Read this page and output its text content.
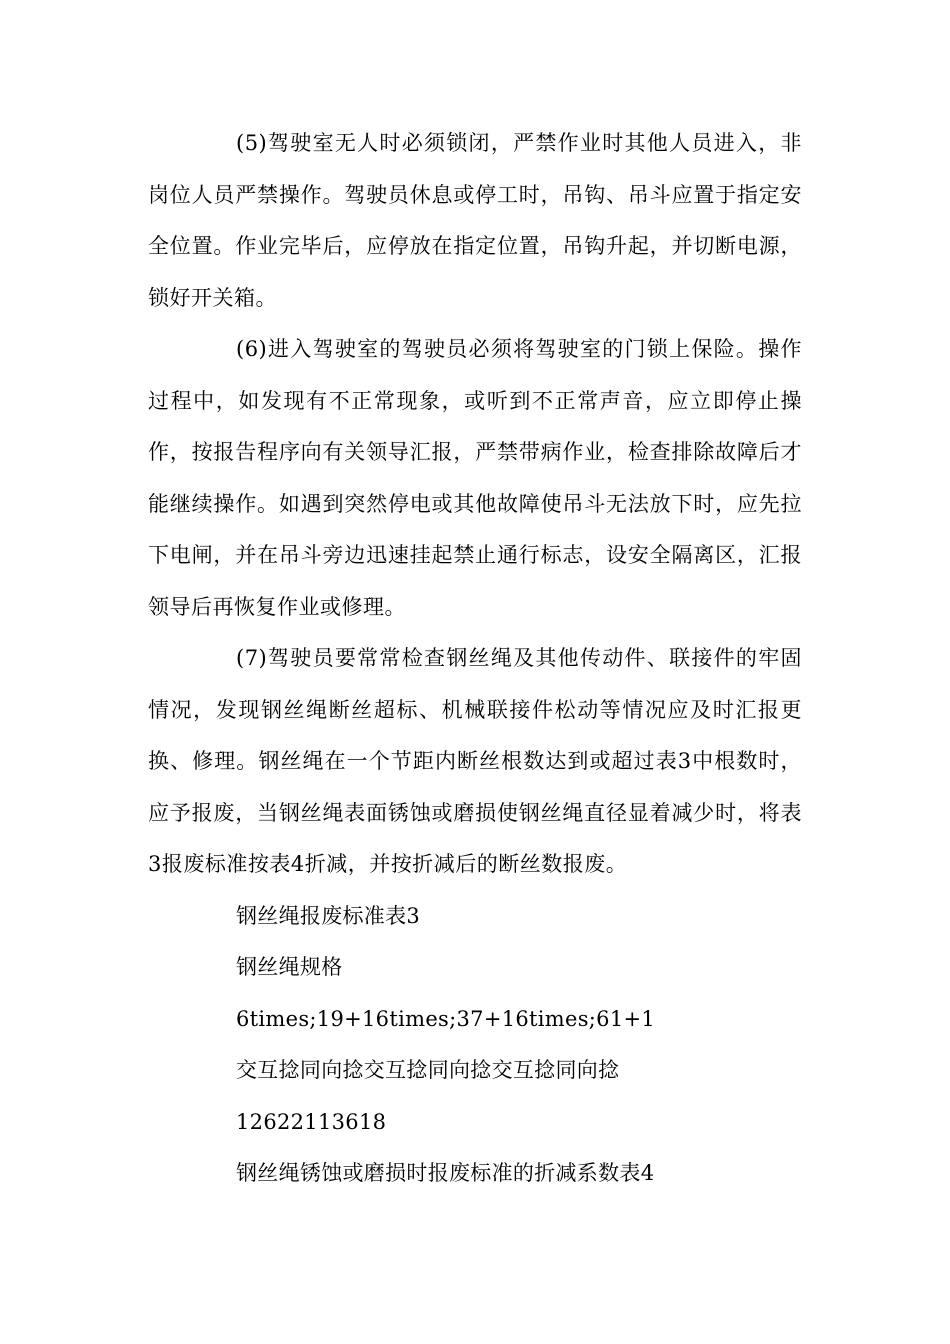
(5)驾驶室无人时必须锁闭，严禁作业时其他人员进入，非岗位人员严禁操作。驾驶员休息或停工时，吊钩、吊斗应置于指定安全位置。作业完毕后，应停放在指定位置，吊钩升起，并切断电源，锁好开关箱。

(6)进入驾驶室的驾驶员必须将驾驶室的门锁上保险。操作过程中，如发现有不正常现象，或听到不正常声音，应立即停止操作，按报告程序向有关领导汇报，严禁带病作业，检查排除故障后才能继续操作。如遇到突然停电或其他故障使吊斗无法放下时，应先拉下电闸，并在吊斗旁边迅速挂起禁止通行标志，设安全隔离区，汇报领导后再恢复作业或修理。

(7)驾驶员要常常检查钢丝绳及其他传动件、联接件的牢固情况，发现钢丝绳断丝超标、机械联接件松动等情况应及时汇报更换、修理。钢丝绳在一个节距内断丝根数达到或超过表3中根数时，应予报废，当钢丝绳表面锈蚀或磨损使钢丝绳直径显着减少时，将表3报废标准按表4折减，并按折减后的断丝数报废。

钢丝绳报废标准表3

钢丝绳规格

6times;19+16times;37+16times;61+1

交互捻同向捻交互捻同向捻交互捻同向捻

12622113618

钢丝绳锈蚀或磨损时报废标准的折减系数表4
